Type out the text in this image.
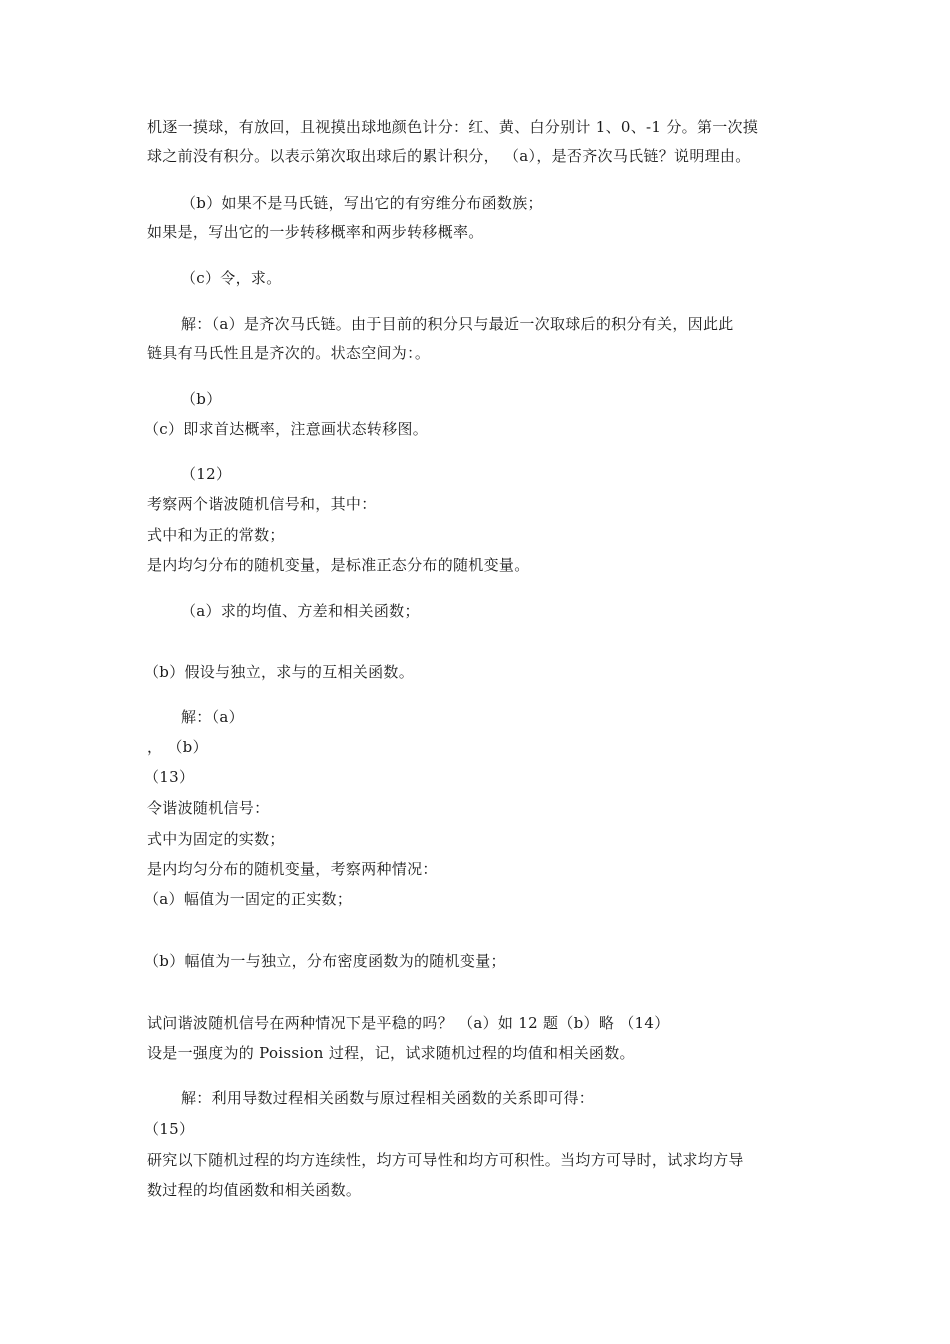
机逐一摸球，有放回，且视摸出球地颜色计分：红、黄、白分别计 1、0、-1 分。第一次摸
球之前没有积分。以表示第次取出球后的累计积分， （a），是否齐次马氏链？说明理由。
（b）如果不是马氏链，写出它的有穷维分布函数族；
如果是，写出它的一步转移概率和两步转移概率。
（c）令，求。
解：（a）是齐次马氏链。由于目前的积分只与最近一次取球后的积分有关，因此此
链具有马氏性且是齐次的。状态空间为：。
（b）
（c）即求首达概率，注意画状态转移图。
（12）
考察两个谐波随机信号和，其中：
式中和为正的常数；
是内均匀分布的随机变量，是标准正态分布的随机变量。
（a）求的均值、方差和相关函数；
（b）假设与独立，求与的互相关函数。
解：（a）
， （b）
（13）
令谐波随机信号：
式中为固定的实数；
是内均匀分布的随机变量，考察两种情况：
（a）幅值为一固定的正实数；
（b）幅值为一与独立，分布密度函数为的随机变量；
试问谐波随机信号在两种情况下是平稳的吗？ （a）如 12 题（b）略 （14）
设是一强度为的 Poission 过程，记，试求随机过程的均值和相关函数。
解：利用导数过程相关函数与原过程相关函数的关系即可得：
（15）
研究以下随机过程的均方连续性，均方可导性和均方可积性。当均方可导时，试求均方导
数过程的均值函数和相关函数。
